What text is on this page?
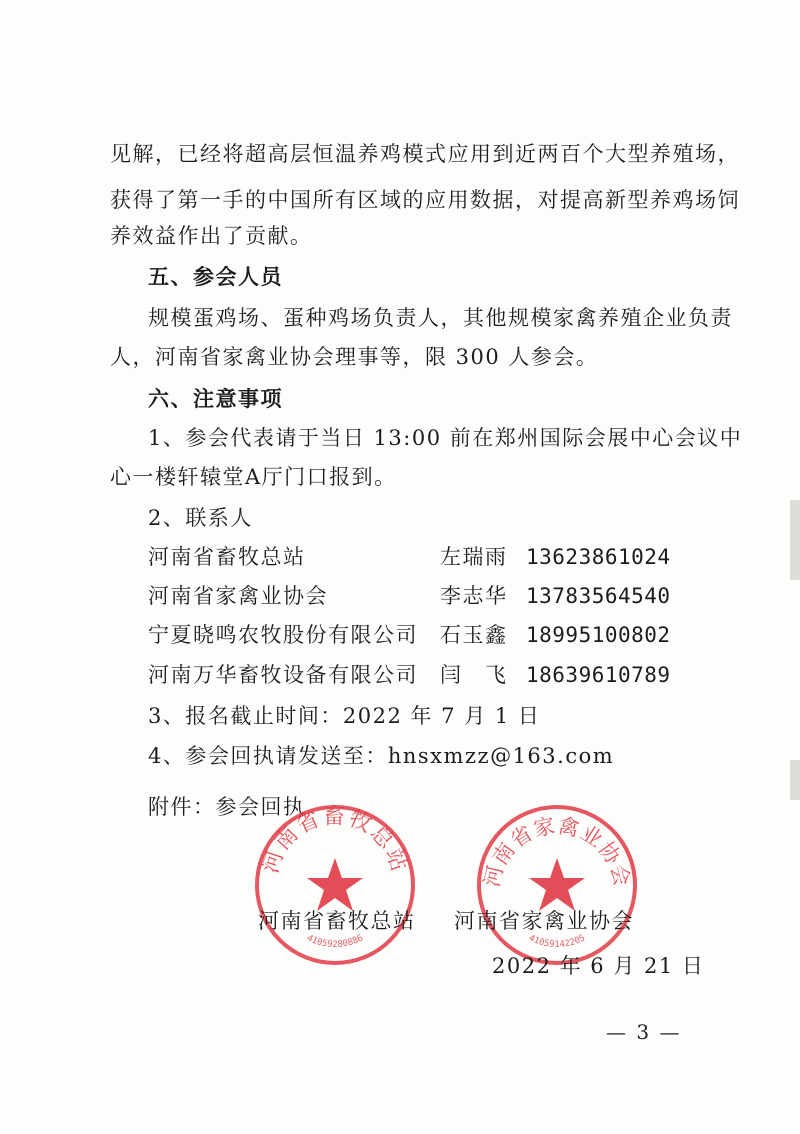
见解，已经将超高层恒温养鸡模式应用到近两百个大型养殖场，
获得了第一手的中国所有区域的应用数据，对提高新型养鸡场饲
养效益作出了贡献。
五、参会人员
规模蛋鸡场、蛋种鸡场负责人，其他规模家禽养殖企业负责
人，河南省家禽业协会理事等，限 300 人参会。
六、注意事项
1、参会代表请于当日 13:00 前在郑州国际会展中心会议中
心一楼轩辕堂A厅门口报到。
2、联系人
河南省畜牧总站	左瑞雨 13623861024
河南省家禽业协会	李志华 13783564540
宁夏晓鸣农牧股份有限公司 石玉鑫 18995100802
河南万华畜牧设备有限公司 闫　飞 18639610789
3、报名截止时间：2022 年 7 月 1 日
4、参会回执请发送至：hnsxmzz@163.com
附件：参会回执
河南省畜牧总站
41059280886
河南省家禽业协会
41059142205
河南省畜牧总站 河南省家禽业协会
2022 年 6 月 21 日
— 3 —
